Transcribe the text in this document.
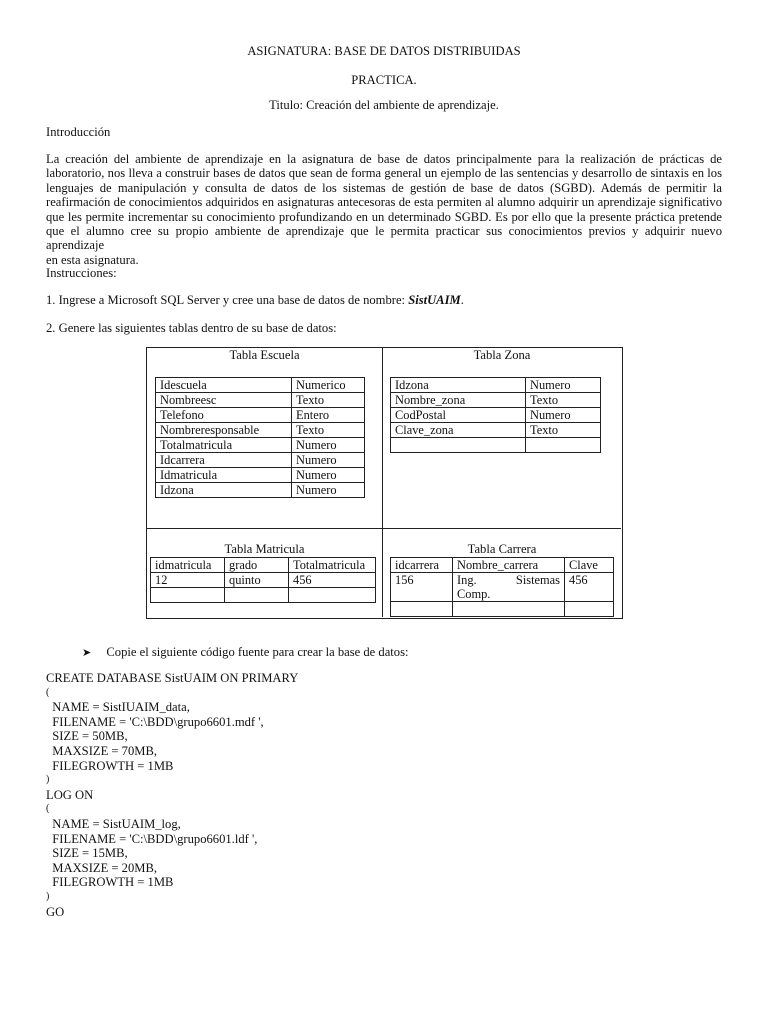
ASIGNATURA: BASE DE DATOS DISTRIBUIDAS
PRACTICA.
Titulo: Creación del ambiente de aprendizaje.
Introducción
La creación del ambiente de aprendizaje en la asignatura de base de datos principalmente para la realización de prácticas de
laboratorio, nos lleva a construir bases de datos que sean de forma general un ejemplo de las sentencias y desarrollo de sintaxis en los
lenguajes de manipulación y consulta de datos de los sistemas de gestión de base de datos (SGBD). Además de permitir la
reafirmación de conocimientos adquiridos en asignaturas antecesoras de esta permiten al alumno adquirir un aprendizaje significativo
que les permite incrementar su conocimiento profundizando en un determinado SGBD. Es por ello que la presente práctica pretende
que el alumno cree su propio ambiente de aprendizaje que le permita practicar sus conocimientos previos y adquirir nuevo aprendizaje
en esta asignatura.
Instrucciones:
1. Ingrese a Microsoft SQL Server y cree una base de datos de nombre: SistUAIM.
2. Genere las siguientes tablas dentro de su base de datos:
Tabla Escuela
Idescuela	Numerico
Nombreesc	Texto
Telefono	Entero
Nombreresponsable	Texto
Totalmatricula	Numero
Idcarrera	Numero
Idmatricula	Numero
Idzona	Numero
Tabla Zona
Idzona	Numero
Nombre_zona	Texto
CodPostal	Numero
Clave_zona	Texto

Tabla Matricula
idmatricula	grado	Totalmatricula
12	quinto	456

Tabla Carrera
idcarrera	Nombre_carrera	Clave
156	Ing. Sistemas Comp.	456

➤ Copie el siguiente código fuente para crear la base de datos:
CREATE DATABASE SistUAIM ON PRIMARY
(
NAME = SistIUAIM_data,
FILENAME = 'C:\BDD\grupo6601.mdf ',
SIZE = 50MB,
MAXSIZE = 70MB,
FILEGROWTH = 1MB
)
LOG ON
(
NAME = SistUAIM_log,
FILENAME = 'C:\BDD\grupo6601.ldf ',
SIZE = 15MB,
MAXSIZE = 20MB,
FILEGROWTH = 1MB
)
GO
